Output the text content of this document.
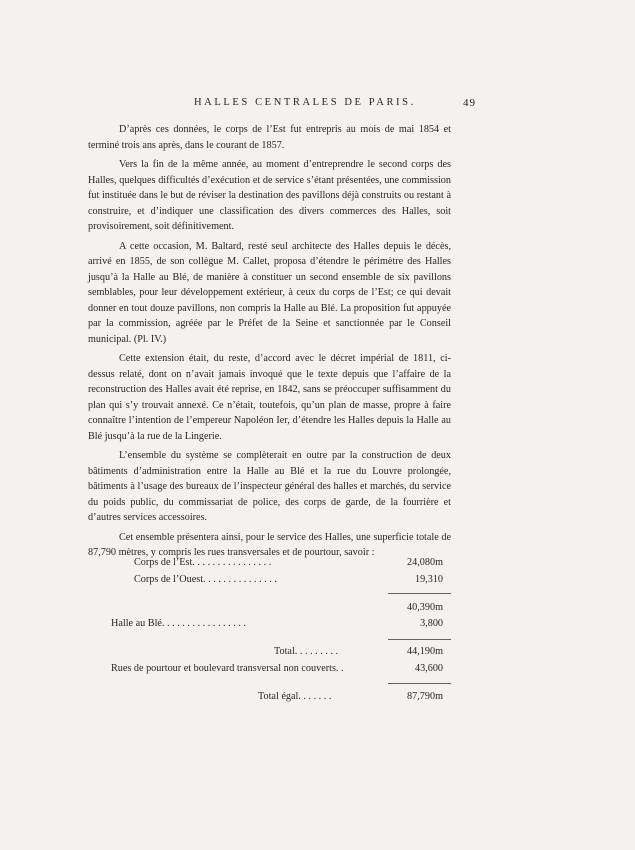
HALLES CENTRALES DE PARIS.	49

D’après ces données, le corps de l’Est fut entrepris au mois de mai 1854 et terminé trois ans après, dans le courant de 1857.

Vers la fin de la même année, au moment d’entreprendre le second corps des Halles, quelques difficultés d’exécution et de service s’étant présentées, une commission fut instituée dans le but de réviser la destination des pavillons déjà construits ou restant à construire, et d’indiquer une classification des divers commerces des Halles, soit provisoirement, soit définitivement.

A cette occasion, M. Baltard, resté seul architecte des Halles depuis le décès, arrivé en 1855, de son collègue M. Callet, proposa d’étendre le périmètre des Halles jusqu’à la Halle au Blé, de manière à constituer un second ensemble de six pavillons semblables, pour leur développement extérieur, à ceux du corps de l’Est; ce qui devait donner en tout douze pavillons, non compris la Halle au Blé. La proposition fut appuyée par la commission, agréée par le Préfet de la Seine et sanctionnée par le Conseil municipal. (Pl. IV.)

Cette extension était, du reste, d’accord avec le décret impérial de 1811, ci-dessus relaté, dont on n’avait jamais invoqué que le texte depuis que l’affaire de la reconstruction des Halles avait été reprise, en 1842, sans se préoccuper suffisamment du plan qui s’y trouvait annexé. Ce n’était, toutefois, qu’un plan de masse, propre à faire connaître l’intention de l’empereur Napoléon Ier, d’étendre les Halles depuis la Halle au Blé jusqu’à la rue de la Lingerie.

L’ensemble du système se complèterait en outre par la construction de deux bâtiments d’administration entre la Halle au Blé et la rue du Louvre prolongée, bâtiments à l’usage des bureaux de l’inspecteur général des halles et marchés, du service du poids public, du commissariat de police, des corps de garde, de la fourrière et d’autres services accessoires.

Cet ensemble présentera ainsi, pour le service des Halles, une superficie totale de 87,790 mètres, y compris les rues transversales et de pourtour, savoir :

Corps de l’Est. . . . . . . . . . . . . . . .	24,080m
Corps de l’Ouest. . . . . . . . . . . . . . .	19,310
40,390m
Halle au Blé. . . . . . . . . . . . . . . . .	3,800
Total. . . . . . . . .	44,190m
Rues de pourtour et boulevard transversal non couverts. .	43,600
Total égal. . . . . . .	87,790m
